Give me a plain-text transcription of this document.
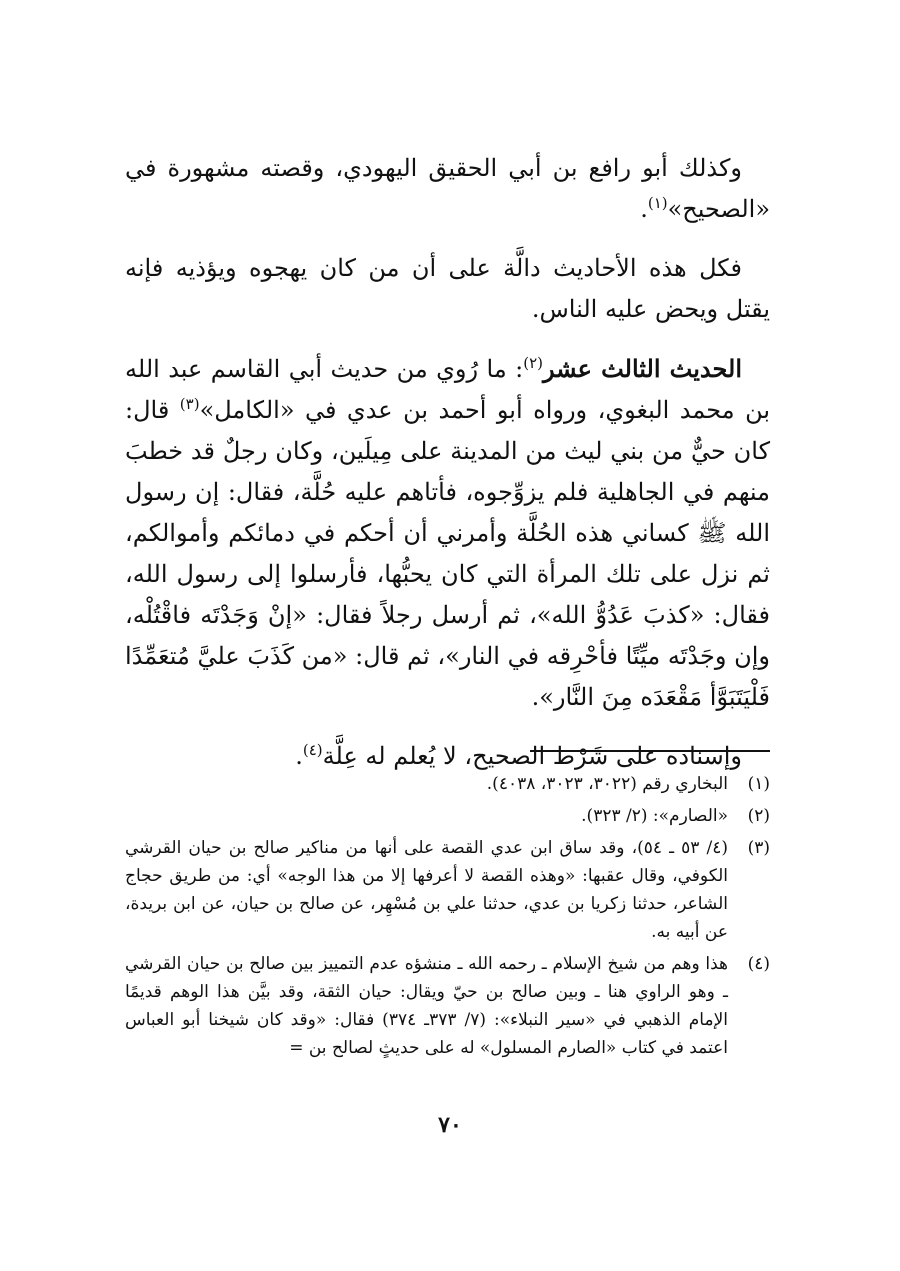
وكذلك أبو رافع بن أبي الحقيق اليهودي، وقصته مشهورة في «الصحيح»$^{(١)}$.

فكل هذه الأحاديث دالَّة على أن من كان يهجوه ويؤذيه فإنه يقتل ويحض عليه الناس.

الحديث الثالث عشر$^{(٢)}$: ما رُوي من حديث أبي القاسم عبد الله بن محمد البغوي، ورواه أبو أحمد بن عدي في «الكامل»$^{(٣)}$ قال: كان حيٌّ من بني ليث من المدينة على مِيلَين، وكان رجلٌ قد خطبَ منهم في الجاهلية فلم يزوِّجوه، فأتاهم عليه حُلَّة، فقال: إن رسول الله ﷺ كساني هذه الحُلَّة وأمرني أن أحكم في دمائكم وأموالكم، ثم نزل على تلك المرأة التي كان يحبُّها، فأرسلوا إلى رسول الله، فقال: «كذبَ عَدُوُّ الله»، ثم أرسل رجلاً فقال: «إنْ وَجَدْتَه فاقْتُلْه، وإن وجَدْتَه ميِّتًا فأحْرِقه في النار»، ثم قال: «من كَذَبَ عليَّ مُتعَمِّدًا فَلْيَتَبَوَّأ مَقْعَدَه مِنَ النَّار».

وإسناده على شَرْط الصحيح، لا يُعلم له عِلَّة$^{(٤)}$.

(١)
البخاري رقم (٣٠٢٢، ٣٠٢٣، ٤٠٣٨).
(٢)
«الصارم»: (٢/ ٣٢٣).
(٣)
(٤/ ٥٣ ـ ٥٤)، وقد ساق ابن عدي القصة على أنها من مناكير صالح بن حيان القرشي الكوفي، وقال عقبها: «وهذه القصة لا أعرفها إلا من هذا الوجه» أي: من طريق حجاج الشاعر، حدثنا زكريا بن عدي، حدثنا علي بن مُسْهِر، عن صالح بن حيان، عن ابن بريدة، عن أبيه به.
(٤)
هذا وهم من شيخ الإسلام ـ رحمه الله ـ منشؤه عدم التمييز بين صالح بن حيان القرشي ـ وهو الراوي هنا ـ وبين صالح بن حيّ ويقال: حيان الثقة، وقد بيَّن هذا الوهم قديمًا الإمام الذهبي في «سير النبلاء»: (٧/ ٣٧٣ـ ٣٧٤) فقال: «وقد كان شيخنا أبو العباس اعتمد في كتاب «الصارم المسلول» له على حديثٍ لصالح بن =
٧٠
